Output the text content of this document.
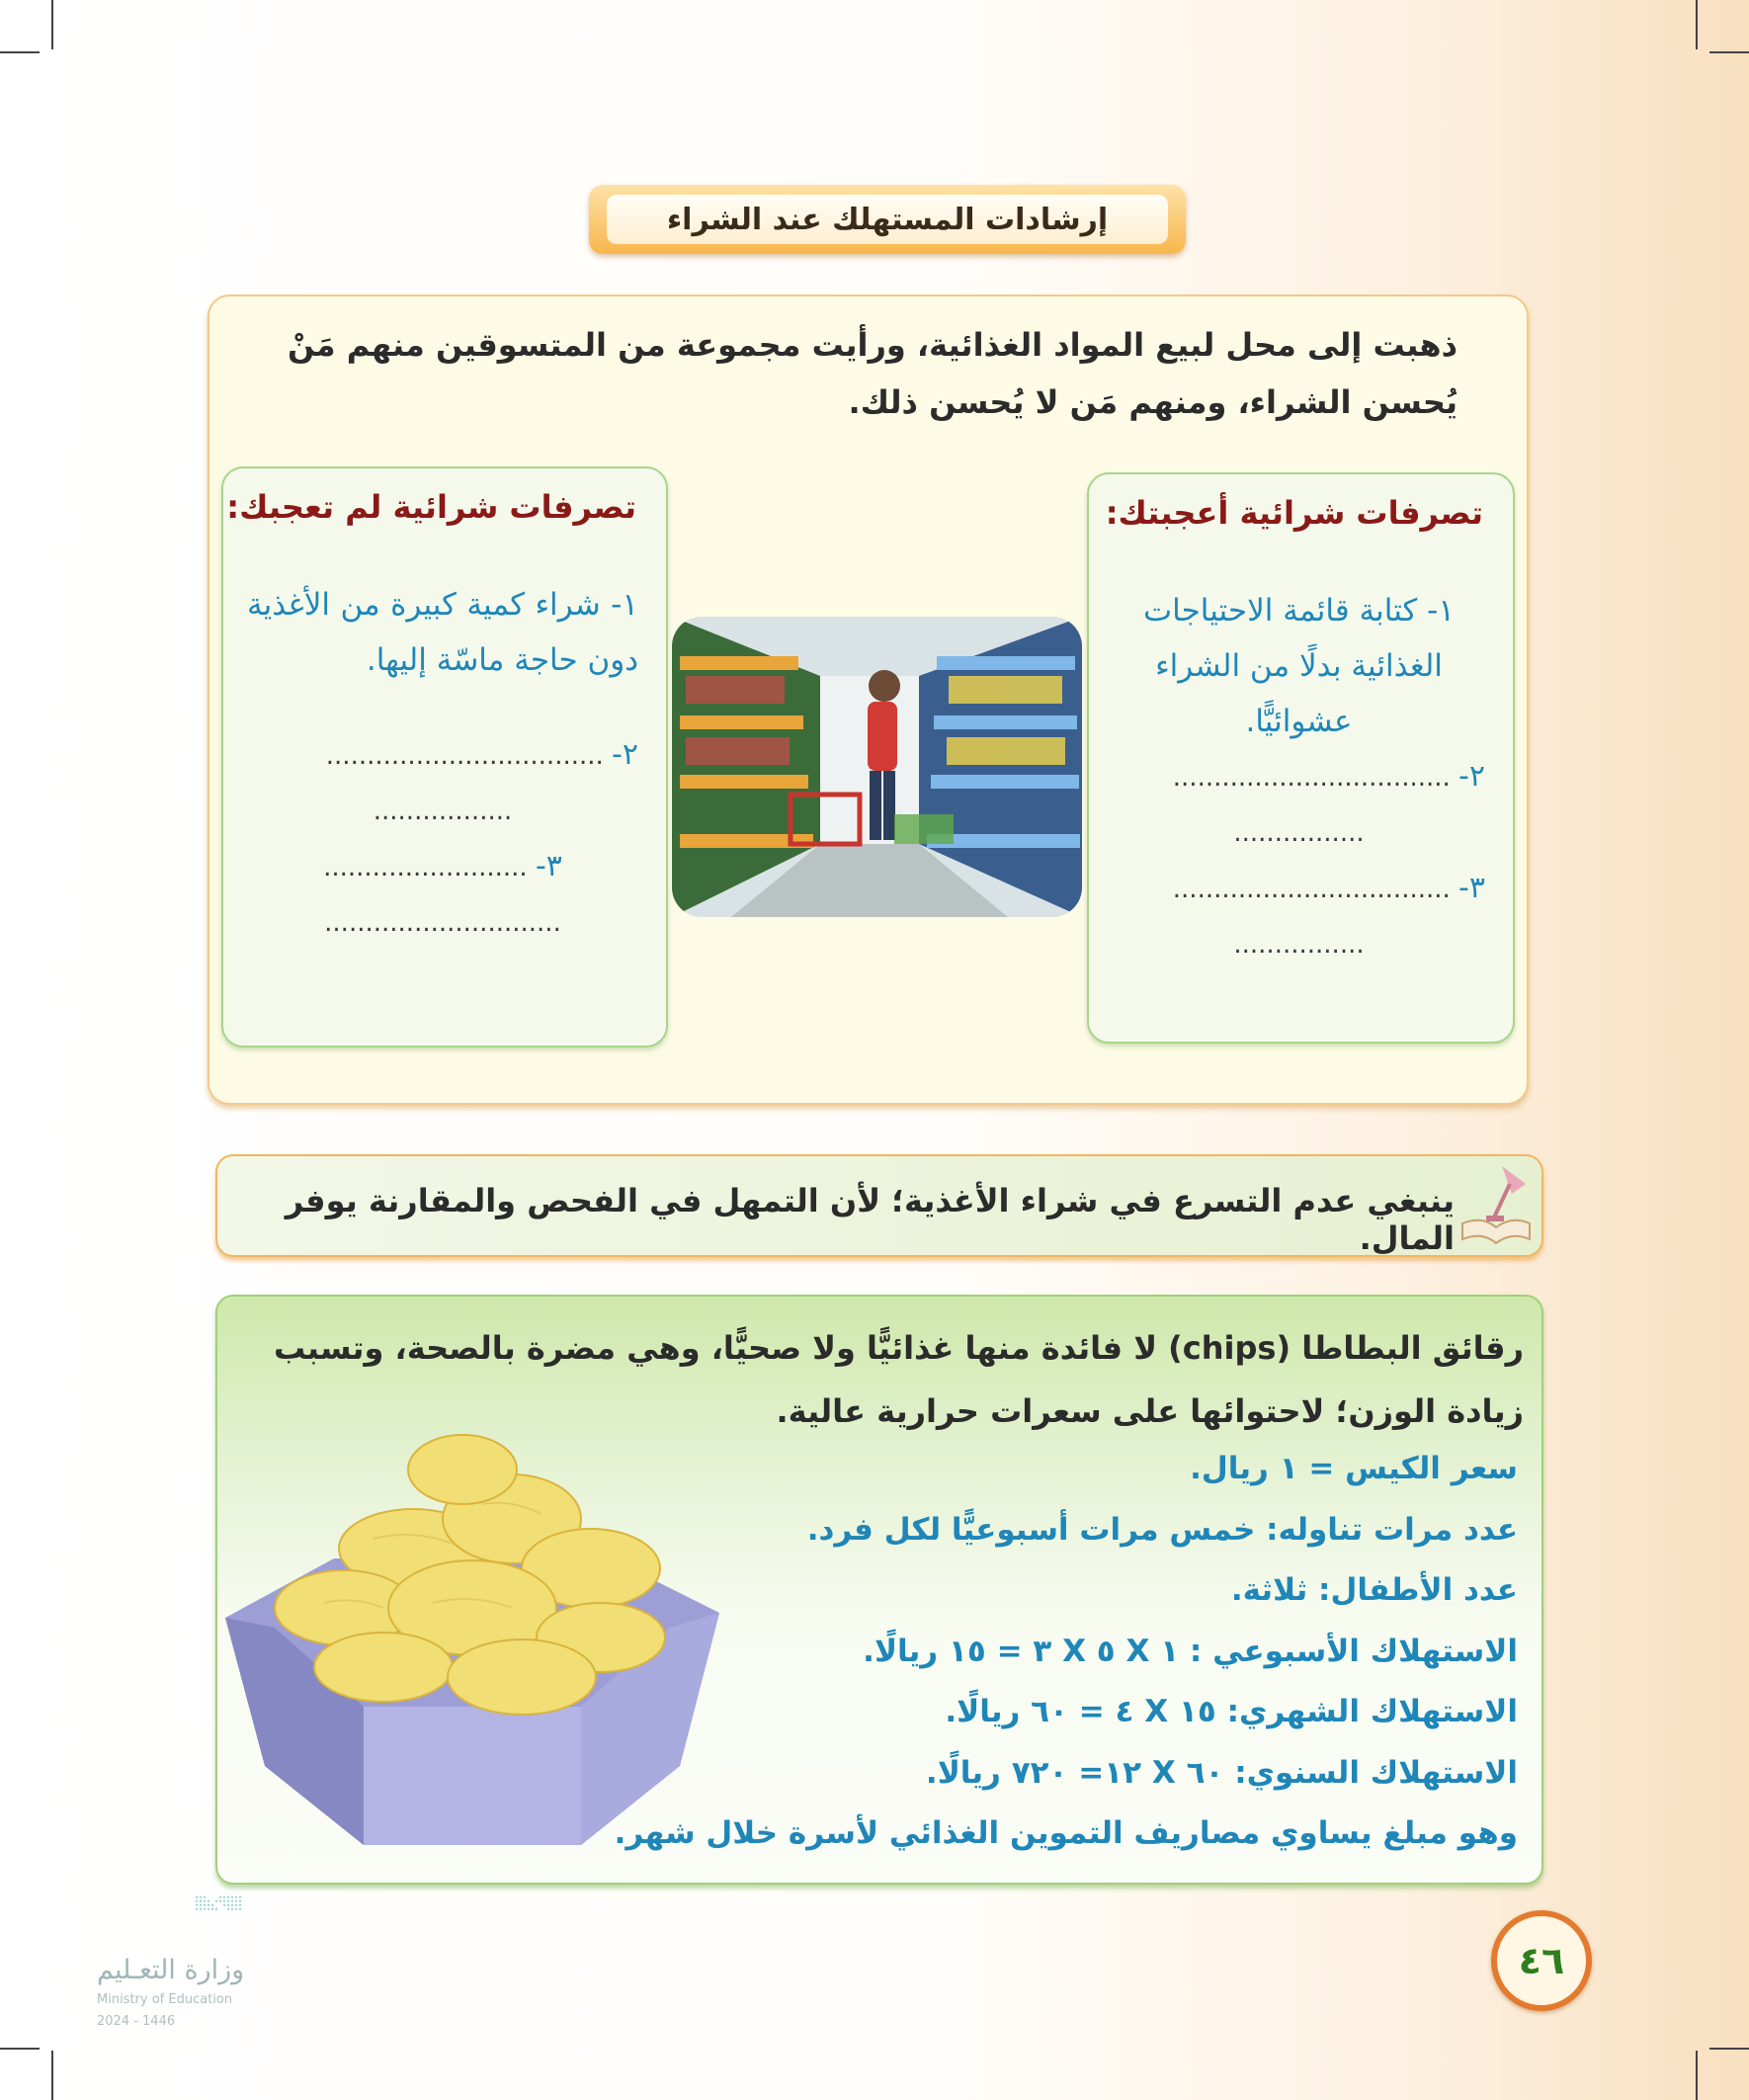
إرشادات المستهلك عند الشراء
ذهبت إلى محل لبيع المواد الغذائية، ورأيت مجموعة من المتسوقين منهم مَنْ يُحسن الشراء، ومنهم مَن لا يُحسن ذلك.
تصرفات شرائية أعجبتك:

١- كتابة قائمة الاحتياجات الغذائية بدلًا من الشراء عشوائيًّا.

٢- ..................................

................

٣- ..................................

................

تصرفات شرائية لم تعجبك:

١- شراء كمية كبيرة من الأغذية دون حاجة ماسّة إليها.

٢- ..................................

.................

٣- .........................

.............................

ينبغي عدم التسرع في شراء الأغذية؛ لأن التمهل في الفحص والمقارنة يوفر المال.
رقائق البطاطا (chips) لا فائدة منها غذائيًّا ولا صحيًّا، وهي مضرة بالصحة، وتسبب زيادة الوزن؛ لاحتوائها على سعرات حرارية عالية.
سعر الكيس = ١ ريال.
عدد مرات تناوله: خمس مرات أسبوعيًّا لكل فرد.
عدد الأطفال: ثلاثة.
الاستهلاك الأسبوعي : ١ X ٥ X ٣ = ١٥ ريالًا.
الاستهلاك الشهري: ١٥ X ٤ = ٦٠ ريالًا.
الاستهلاك السنوي: ٦٠ X ١٢= ٧٢٠ ريالًا.
وهو مبلغ يساوي مصاريف التموين الغذائي لأسرة خلال شهر.
٤٦
وزارة التعـليم
Ministry of Education
2024 - 1446
